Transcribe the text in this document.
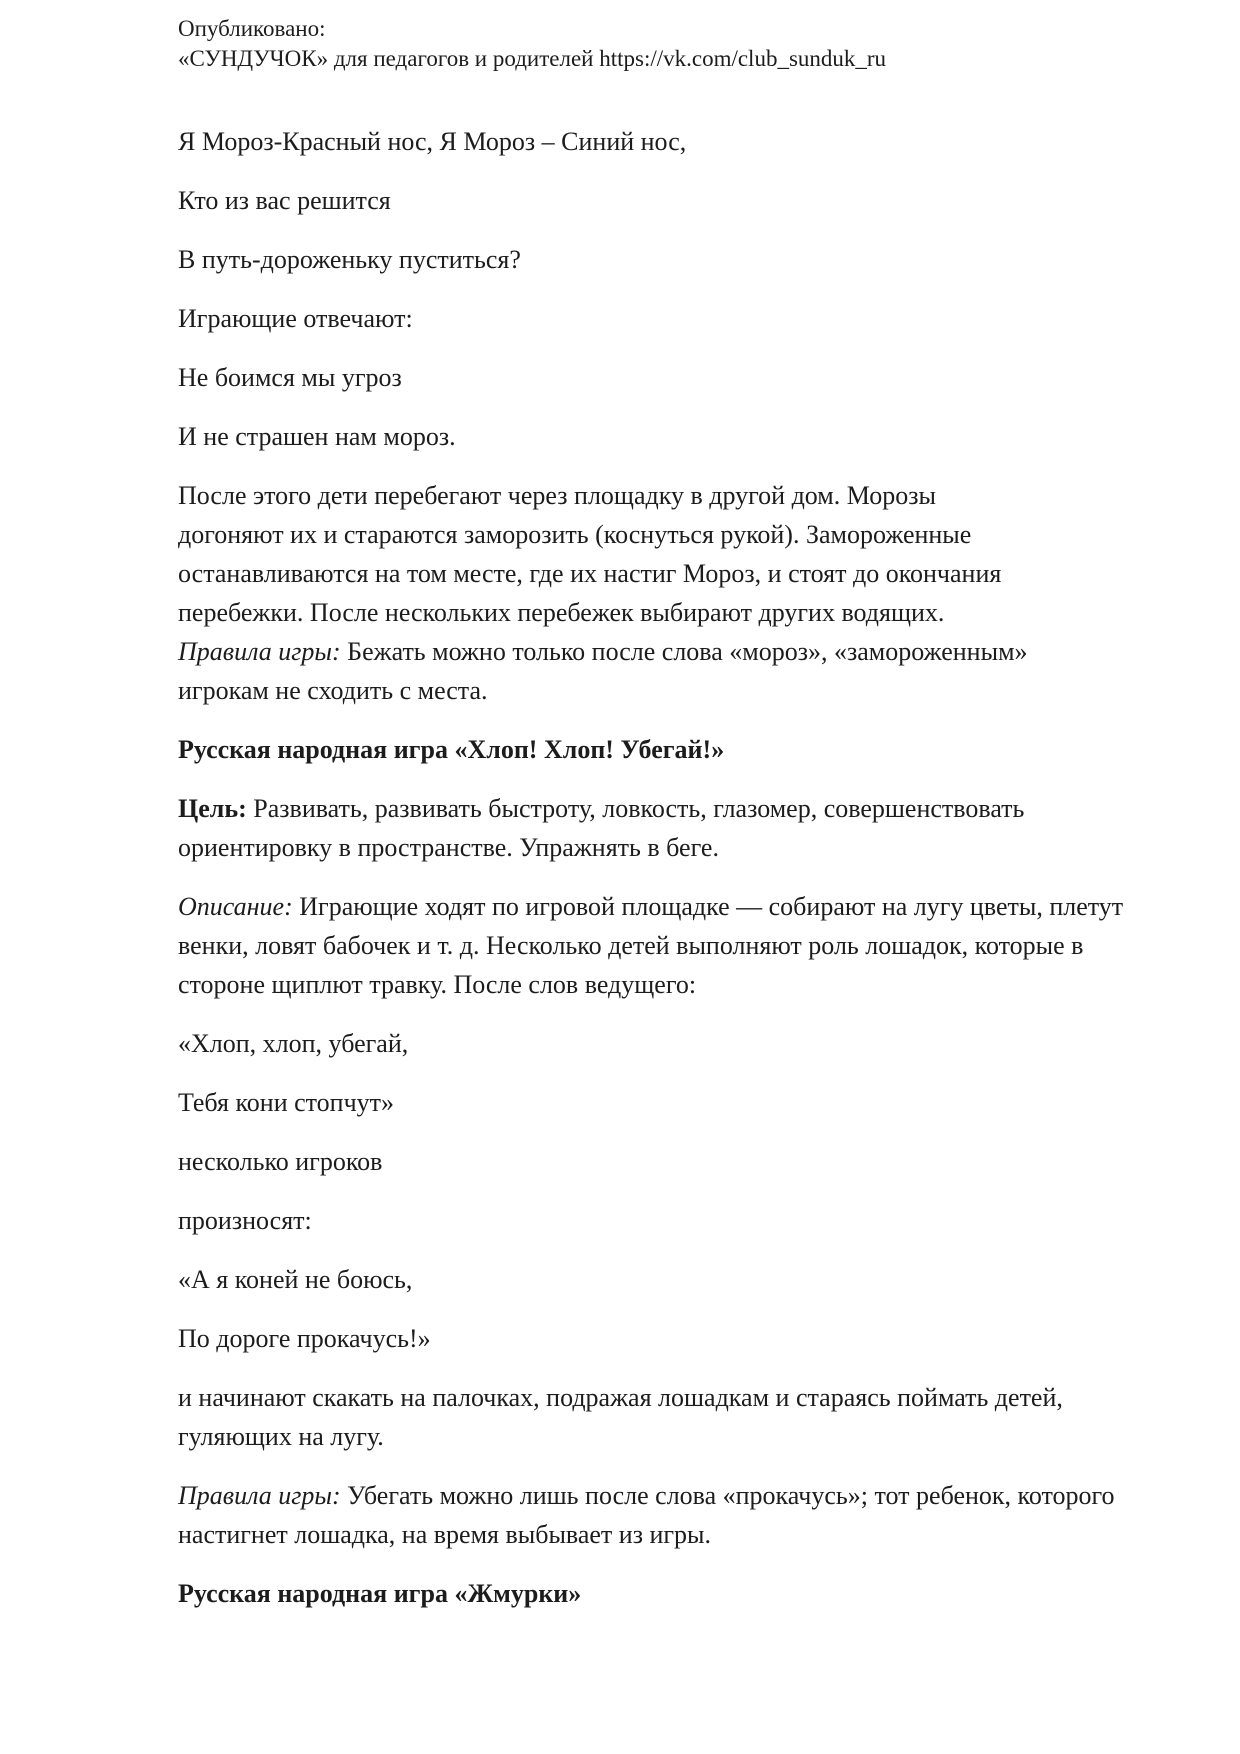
Опубликовано:
«СУНДУЧОК» для педагогов и родителей https://vk.com/club_sunduk_ru

Я Мороз-Красный нос, Я Мороз – Синий нос,

Кто из вас решится

В путь-дороженьку пуститься?

Играющие отвечают:

Не боимся мы угроз

И не страшен нам мороз.

После этого дети перебегают через площадку в другой дом. Морозы догоняют их и стараются заморозить (коснуться рукой). Замороженные останавливаются на том месте, где их настиг Мороз, и стоят до окончания перебежки. После нескольких перебежек выбирают других водящих. Правила игры: Бежать можно только после слова «мороз», «замороженным» игрокам не сходить с места.

Русская народная игра «Хлоп! Хлоп! Убегай!»

Цель: Развивать, развивать быстроту, ловкость, глазомер, совершенствовать ориентировку в пространстве. Упражнять в беге.

Описание: Играющие ходят по игровой площадке — собирают на лугу цветы, плетут венки, ловят бабочек и т. д. Несколько детей выполняют роль лошадок, которые в стороне щиплют травку. После слов ведущего:

«Хлоп, хлоп, убегай,

Тебя кони стопчут»

несколько игроков

произносят:

«А я коней не боюсь,

По дороге прокачусь!»

и начинают скакать на палочках, подражая лошадкам и стараясь поймать детей, гуляющих на лугу.

Правила игры: Убегать можно лишь после слова «прокачусь»; тот ребенок, которого настигнет лошадка, на время выбывает из игры.

Русская народная игра «Жмурки»
